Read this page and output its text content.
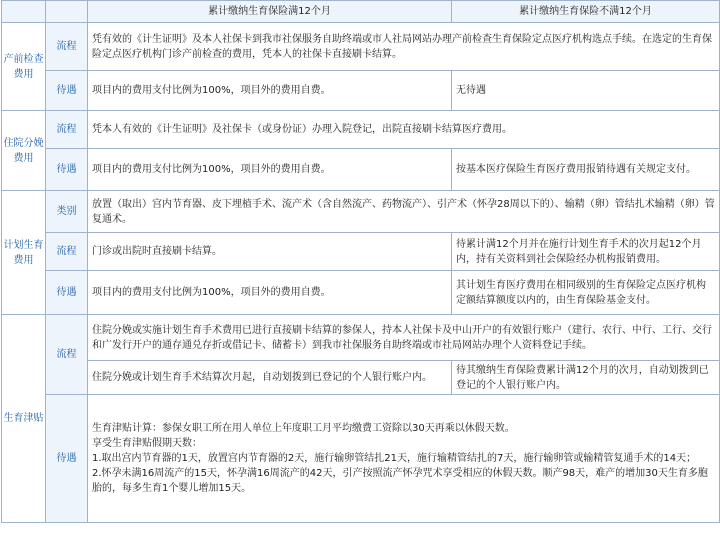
		累计缴纳生育保险满12个月	累计缴纳生育保险不满12个月
产前检查费用	流程	凭有效的《计生证明》及本人社保卡到我市社保服务自助终端或市人社局网站办理产前检查生育保险定点医疗机构选点手续。在选定的生育保险定点医疗机构门诊产前检查的费用，凭本人的社保卡直接刷卡结算。	
	待遇	项目内的费用支付比例为100%，项目外的费用自费。	无待遇
住院分娩费用	流程	凭本人有效的《计生证明》及社保卡（或身份证）办理入院登记，出院直接刷卡结算医疗费用。	
	待遇	项目内的费用支付比例为100%，项目外的费用自费。	按基本医疗保险生育医疗费用报销待遇有关规定支付。
计划生育费用	类别	放置（取出）宫内节育器、皮下埋植手术、流产术（含自然流产、药物流产）、引产术（怀孕28周以下的）、输精（卵）管结扎术输精（卵）管复通术。	
	流程	门诊或出院时直接刷卡结算。	待累计满12个月并在施行计划生育手术的次月起12个月内，持有关资料到社会保险经办机构报销费用。
	待遇	项目内的费用支付比例为100%，项目外的费用自费。	其计划生育医疗费用在相同级别的生育保险定点医疗机构定额结算额度以内的，由生育保险基金支付。
生育津贴	流程	住院分娩或实施计划生育手术费用已进行直接刷卡结算的参保人，持本人社保卡及中山开户的有效银行账户（建行、农行、中行、工行、交行和广发行开户的通存通兑存折或借记卡、储蓄卡）到我市社保服务自助终端或市社局网站办理个人资料登记手续。	
		住院分娩或计划生育手术结算次月起，自动划拨到已登记的个人银行账户内。	待其缴纳生育保险费累计满12个月的次月，自动划拨到已登记的个人银行账户内。
	待遇	生育津贴计算：参保女职工所在用人单位上年度职工月平均缴费工资除以30天再乘以休假天数。
享受生育津贴假期天数：
1.取出宫内节育器的1天，放置宫内节育器的2天，施行输卵管结扎21天，施行输精管结扎的7天，施行输卵管或输精管复通手术的14天；
2.怀孕未满16周流产的15天，怀孕满16周流产的42天，引产按照流产怀孕咒术享受相应的休假天数。顺产98天，难产的增加30天生育多胞胎的，每多生育1个婴儿增加15天。	
